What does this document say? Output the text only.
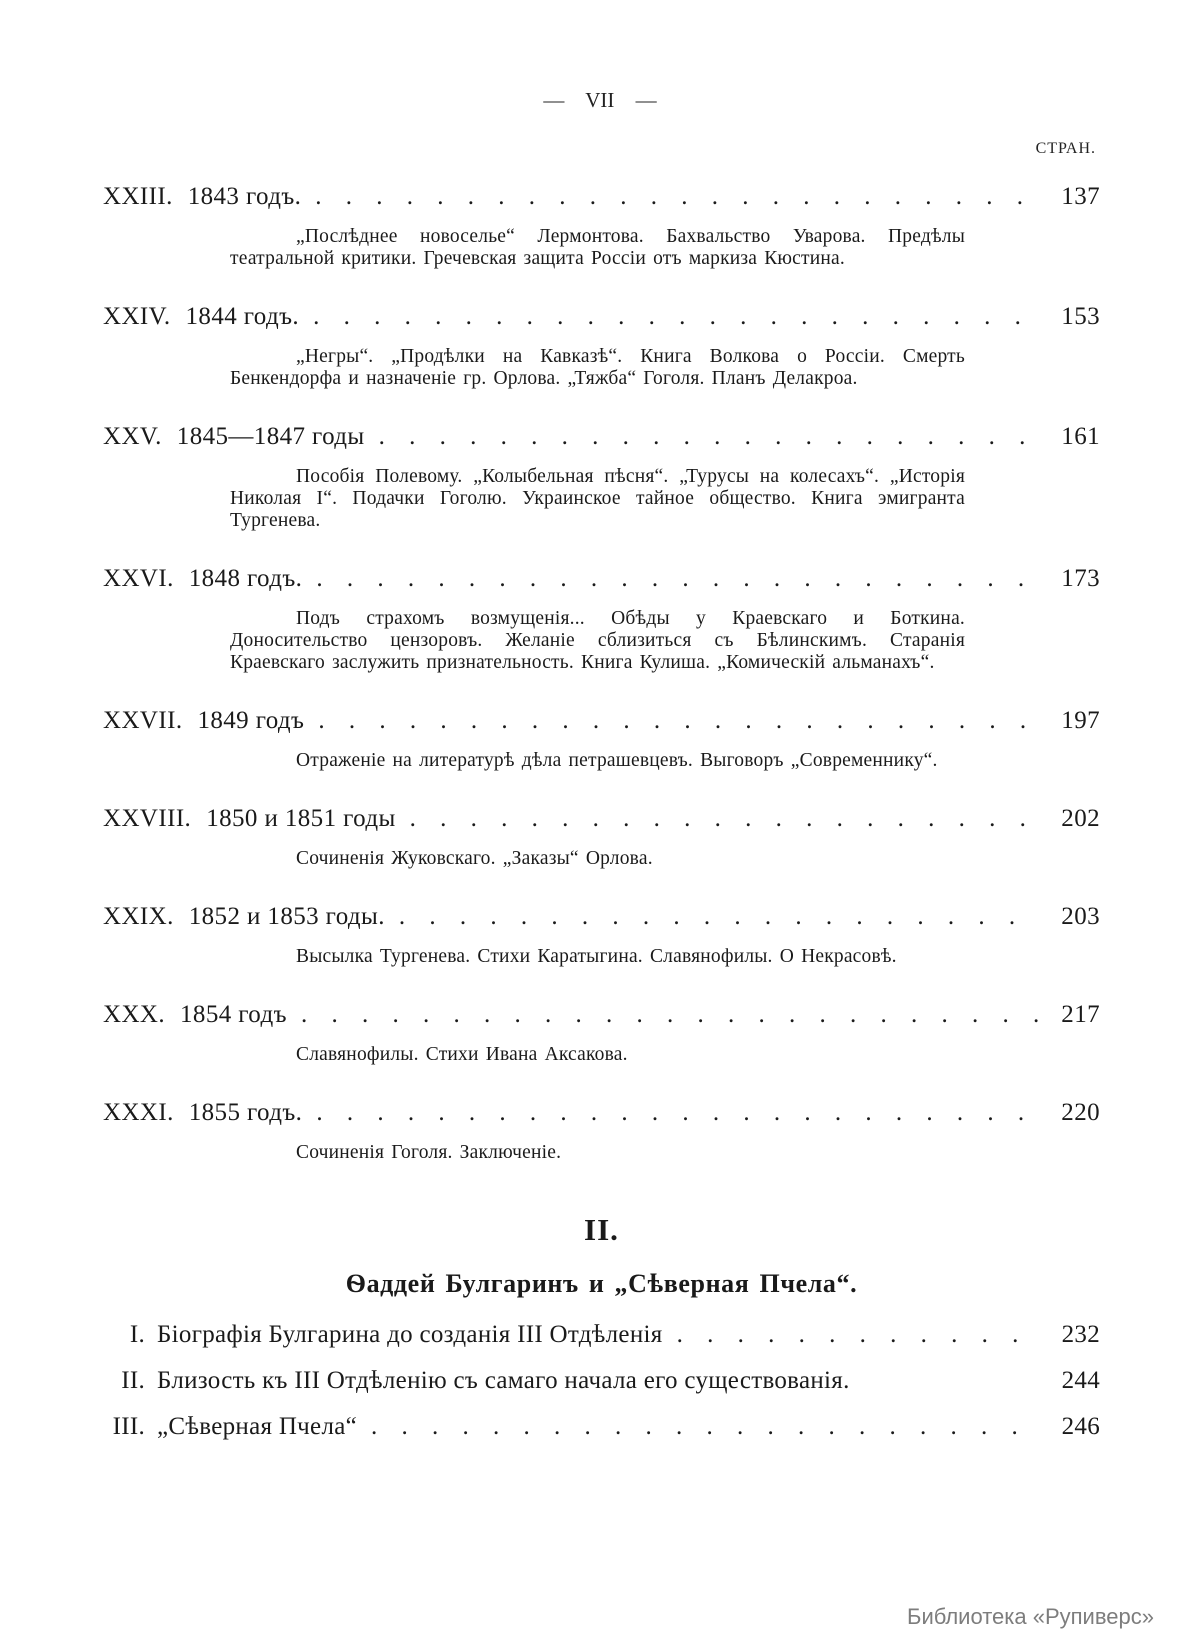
— VII —
СТРАН.
XXIII. 1843 годъ. . . .	137

„Послѣднее новоселье“ Лермонтова. Бахвальство Уварова. Предѣлы театральной критики. Гречевская защита Россіи отъ маркиза Кюстина.

XXIV. 1844 годъ. . . .	153

„Негры“. „Продѣлки на Кавказѣ“. Книга Волкова о Россіи. Смерть Бенкендорфа и назначеніе гр. Орлова. „Тяжба“ Гоголя. Планъ Делакроа.

XXV. 1845—1847 годы . . .	161

Пособія Полевому. „Колыбельная пѣсня“. „Турусы на колесахъ“. „Исторія Николая I“. Подачки Гоголю. Украинское тайное общество. Книга эмигранта Тургенева.

XXVI. 1848 годъ. . . .	173

Подъ страхомъ возмущенія... Обѣды у Краевскаго и Боткина. Доносительство цензоровъ. Желаніе сблизиться съ Бѣлинскимъ. Старанія Краевскаго заслужить признательность. Книга Кулиша. „Комическій альманахъ“.

XXVII. 1849 годъ . . .	197

Отраженіе на литературѣ дѣла петрашевцевъ. Выговоръ „Современнику“.

XXVIII. 1850 и 1851 годы . . .	202

Сочиненія Жуковскаго. „Заказы“ Орлова.

XXIX. 1852 и 1853 годы. . . .	203

Высылка Тургенева. Стихи Каратыгина. Славянофилы. О Некрасовѣ.

XXX. 1854 годъ . . .	217

Славянофилы. Стихи Ивана Аксакова.

XXXI. 1855 годъ. . . .	220

Сочиненія Гоголя. Заключеніе.

II.
Ѳаддей Булгаринъ и „Сѣверная Пчела“.
I. Біографія Булгарина до созданія III Отдѣленія . . .	232
II. Близость къ III Отдѣленію съ самаго начала его существованія.	244
III. „Сѣверная Пчела“ . . .	246
Библиотека «Рупиверс»
